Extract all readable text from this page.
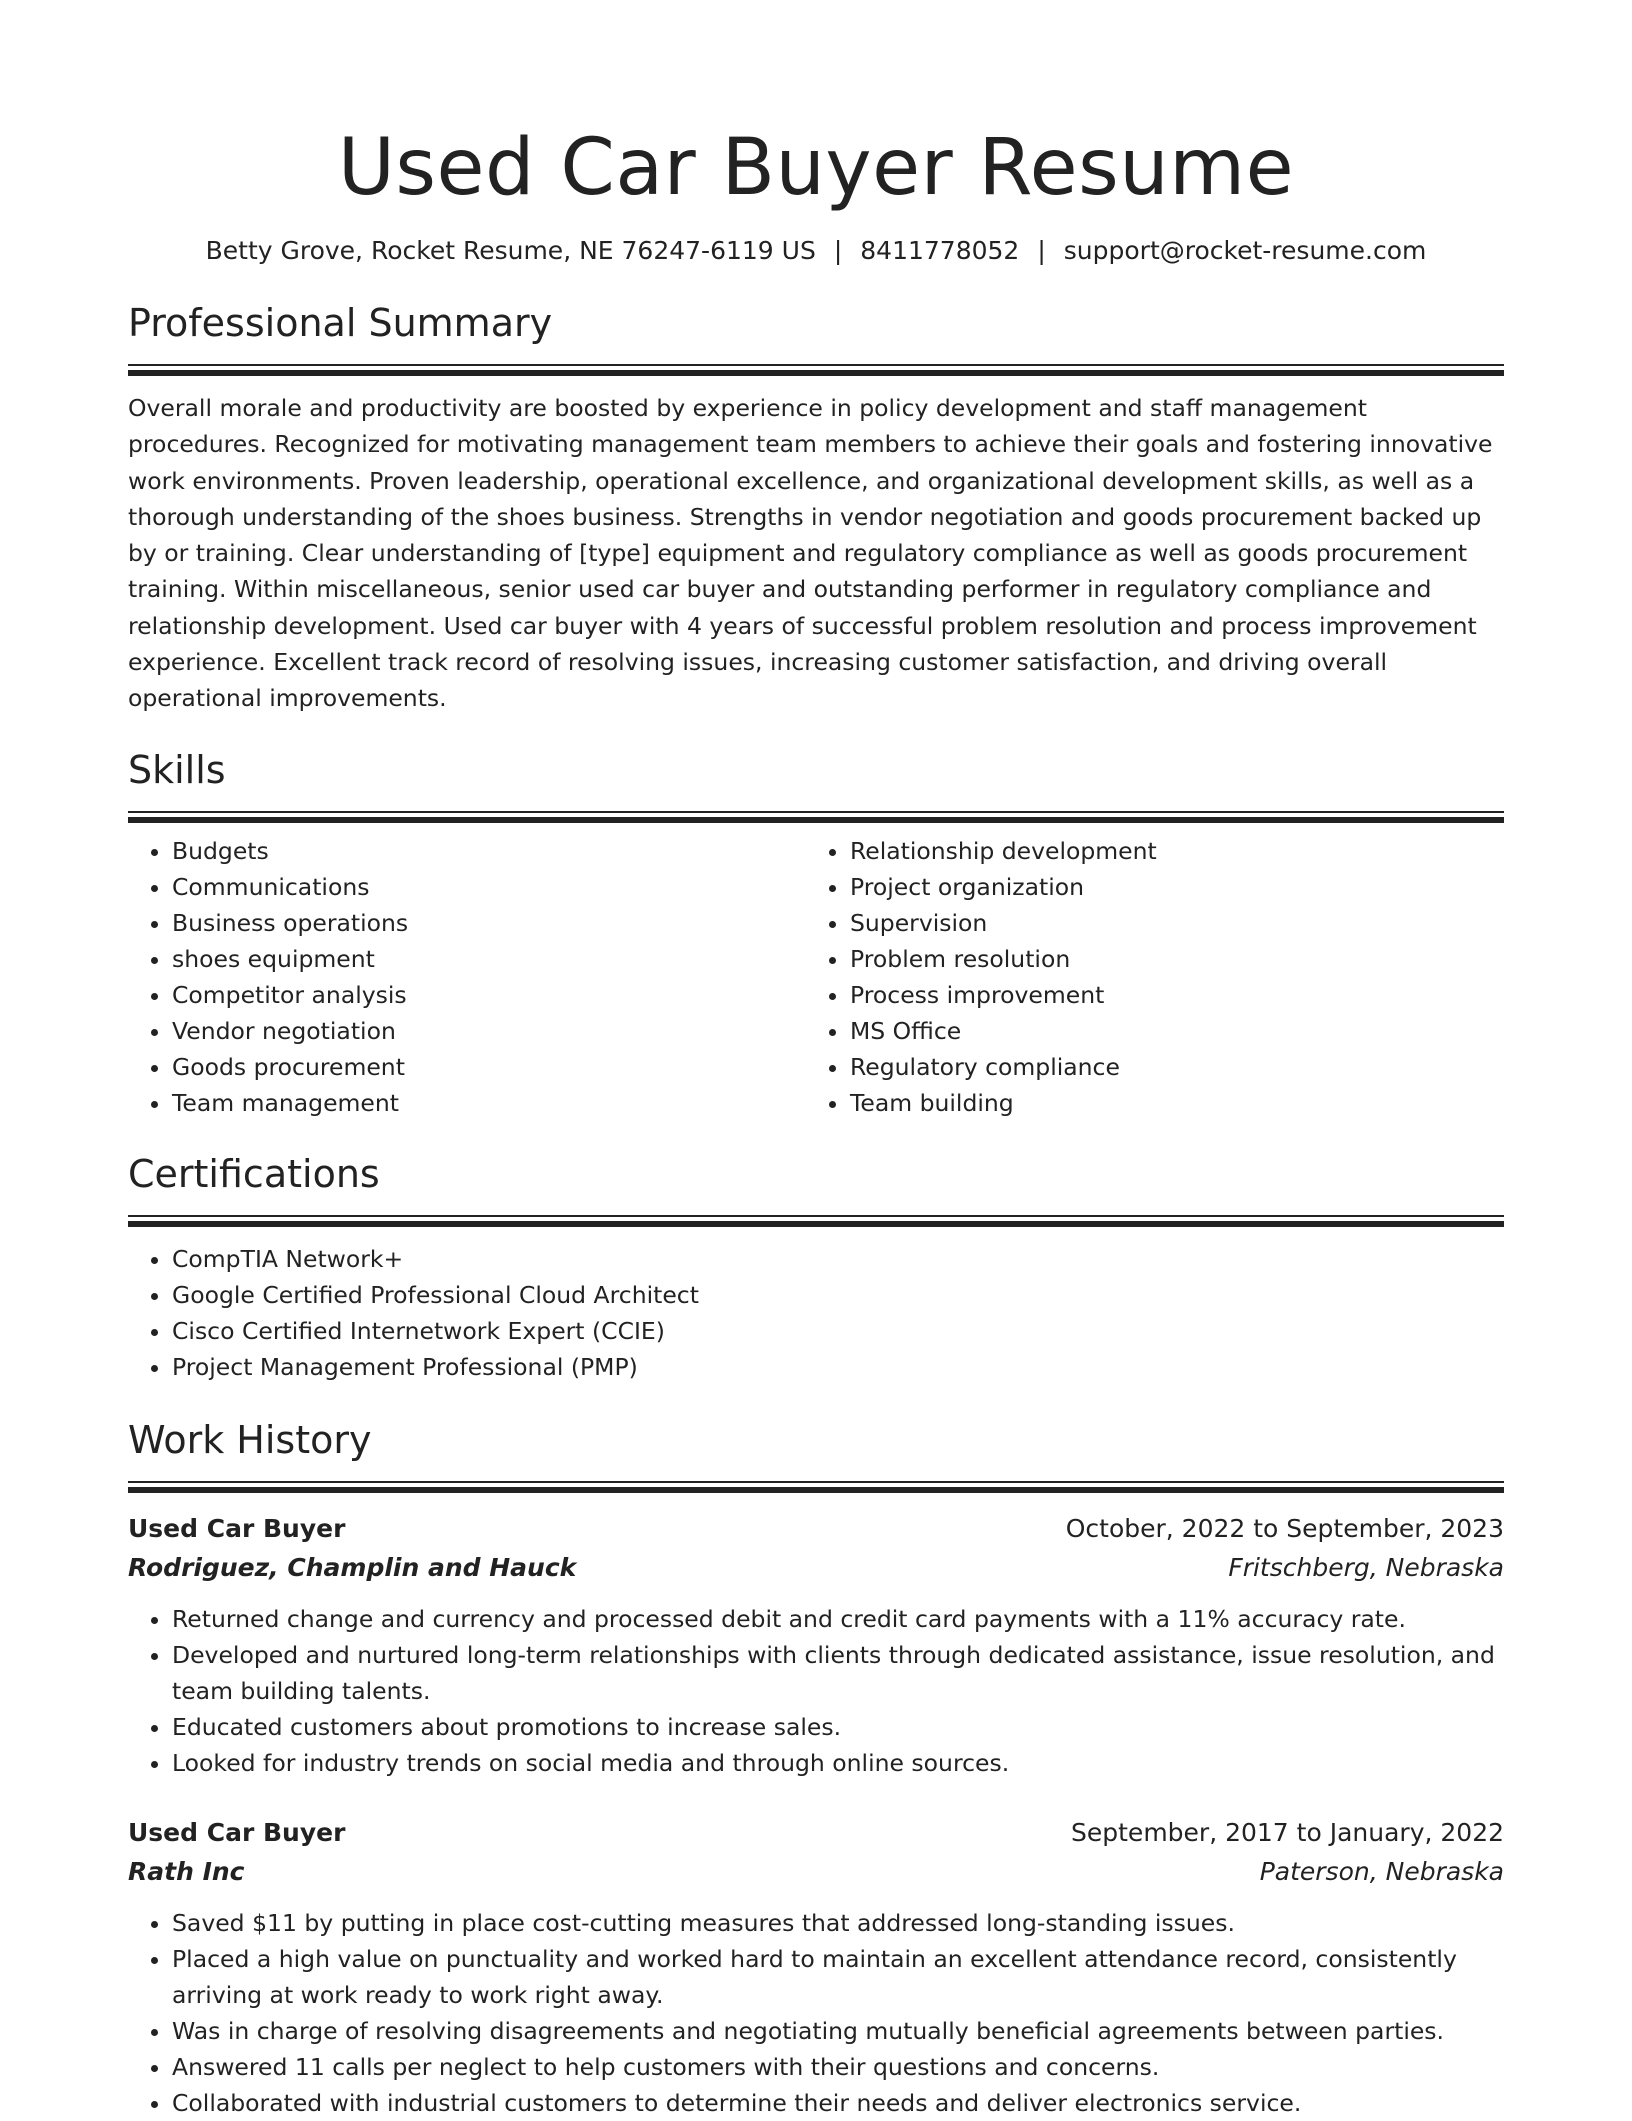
Used Car Buyer Resume
Betty Grove, Rocket Resume, NE 76247-6119 US | 8411778052 | support@rocket-resume.com
Professional Summary

Overall morale and productivity are boosted by experience in policy development and staff management procedures. Recognized for motivating management team members to achieve their goals and fostering innovative work environments. Proven leadership, operational excellence, and organizational development skills, as well as a thorough understanding of the shoes business. Strengths in vendor negotiation and goods procurement backed up by or training. Clear understanding of [type] equipment and regulatory compliance as well as goods procurement training. Within miscellaneous, senior used car buyer and outstanding performer in regulatory compliance and relationship development. Used car buyer with 4 years of successful problem resolution and process improvement experience. Excellent track record of resolving issues, increasing customer satisfaction, and driving overall operational improvements.

Skills
• Budgets
• Communications
• Business operations
• shoes equipment
• Competitor analysis
• Vendor negotiation
• Goods procurement
• Team management
• Relationship development
• Project organization
• Supervision
• Problem resolution
• Process improvement
• MS Office
• Regulatory compliance
• Team building
Certifications
• CompTIA Network+
• Google Certified Professional Cloud Architect
• Cisco Certified Internetwork Expert (CCIE)
• Project Management Professional (PMP)
Work History
Used Car Buyer	October, 2022 to September, 2023
Rodriguez, Champlin and Hauck	Fritschberg, Nebraska
• Returned change and currency and processed debit and credit card payments with a 11% accuracy rate.
• Developed and nurtured long-term relationships with clients through dedicated assistance, issue resolution, and team building talents.
• Educated customers about promotions to increase sales.
• Looked for industry trends on social media and through online sources.
Used Car Buyer	September, 2017 to January, 2022
Rath Inc	Paterson, Nebraska
• Saved $11 by putting in place cost-cutting measures that addressed long-standing issues.
• Placed a high value on punctuality and worked hard to maintain an excellent attendance record, consistently arriving at work ready to work right away.
• Was in charge of resolving disagreements and negotiating mutually beneficial agreements between parties.
• Answered 11 calls per neglect to help customers with their questions and concerns.
• Collaborated with industrial customers to determine their needs and deliver electronics service.
